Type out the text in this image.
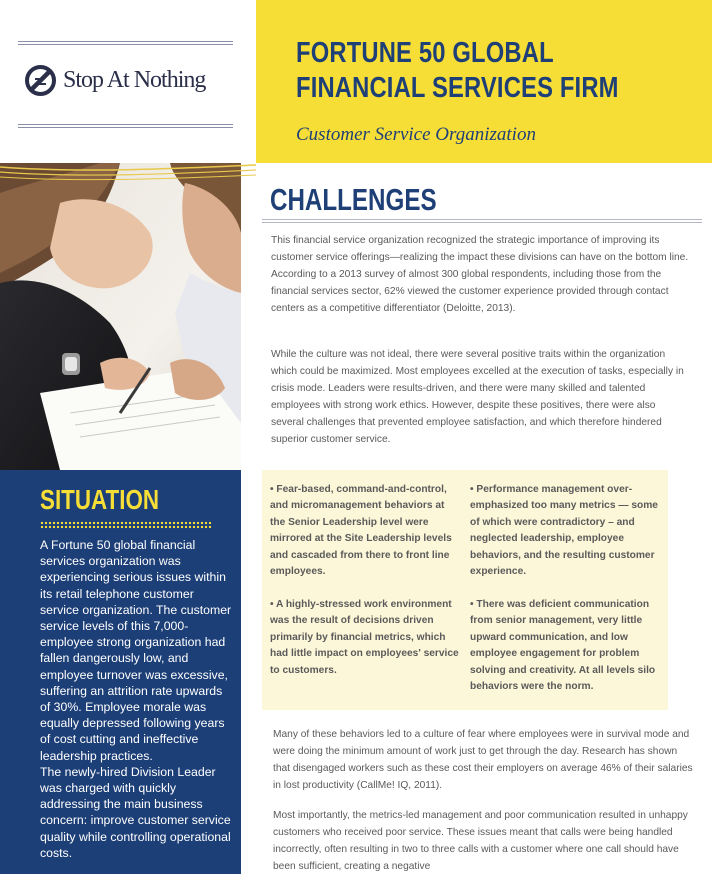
Stop At Nothing
FORTUNE 50 GLOBAL
FINANCIAL SERVICES FIRM
Customer Service Organization
SITUATION

A Fortune 50 global financial services organization was experiencing serious issues within its retail telephone customer service organization. The customer service levels of this 7,000-employee strong organization had fallen dangerously low, and employee turnover was excessive, suffering an attrition rate upwards of 30%. Employee morale was equally depressed following years of cost cutting and ineffective leadership practices.

The newly-hired Division Leader was charged with quickly addressing the main business concern: improve customer service quality while controlling operational costs.

CHALLENGES

This financial service organization recognized the strategic importance of improving its customer service offerings—realizing the impact these divisions can have on the bottom line. According to a 2013 survey of almost 300 global respondents, including those from the financial services sector, 62% viewed the customer experience provided through contact centers as a competitive differentiator (Deloitte, 2013).

While the culture was not ideal, there were several positive traits within the organization which could be maximized. Most employees excelled at the execution of tasks, especially in crisis mode. Leaders were results-driven, and there were many skilled and talented employees with strong work ethics. However, despite these positives, there were also several challenges that prevented employee satisfaction, and which therefore hindered superior customer service.

• Fear-based, command-and-control, and micromanagement behaviors at the Senior Leadership level were mirrored at the Site Leadership levels and cascaded from there to front line employees.

• Performance management over-emphasized too many metrics — some of which were contradictory – and neglected leadership, employee behaviors, and the resulting customer experience.

• A highly-stressed work environment was the result of decisions driven primarily by financial metrics, which had little impact on employees' service to customers.

• There was deficient communication from senior management, very little upward communication, and low employee engagement for problem solving and creativity. At all levels silo behaviors were the norm.

Many of these behaviors led to a culture of fear where employees were in survival mode and were doing the minimum amount of work just to get through the day. Research has shown that disengaged workers such as these cost their employers on average 46% of their salaries in lost productivity (CallMe! IQ, 2011).

Most importantly, the metrics-led management and poor communication resulted in unhappy customers who received poor service. These issues meant that calls were being handled incorrectly, often resulting in two to three calls with a customer where one call should have been sufficient, creating a negative
